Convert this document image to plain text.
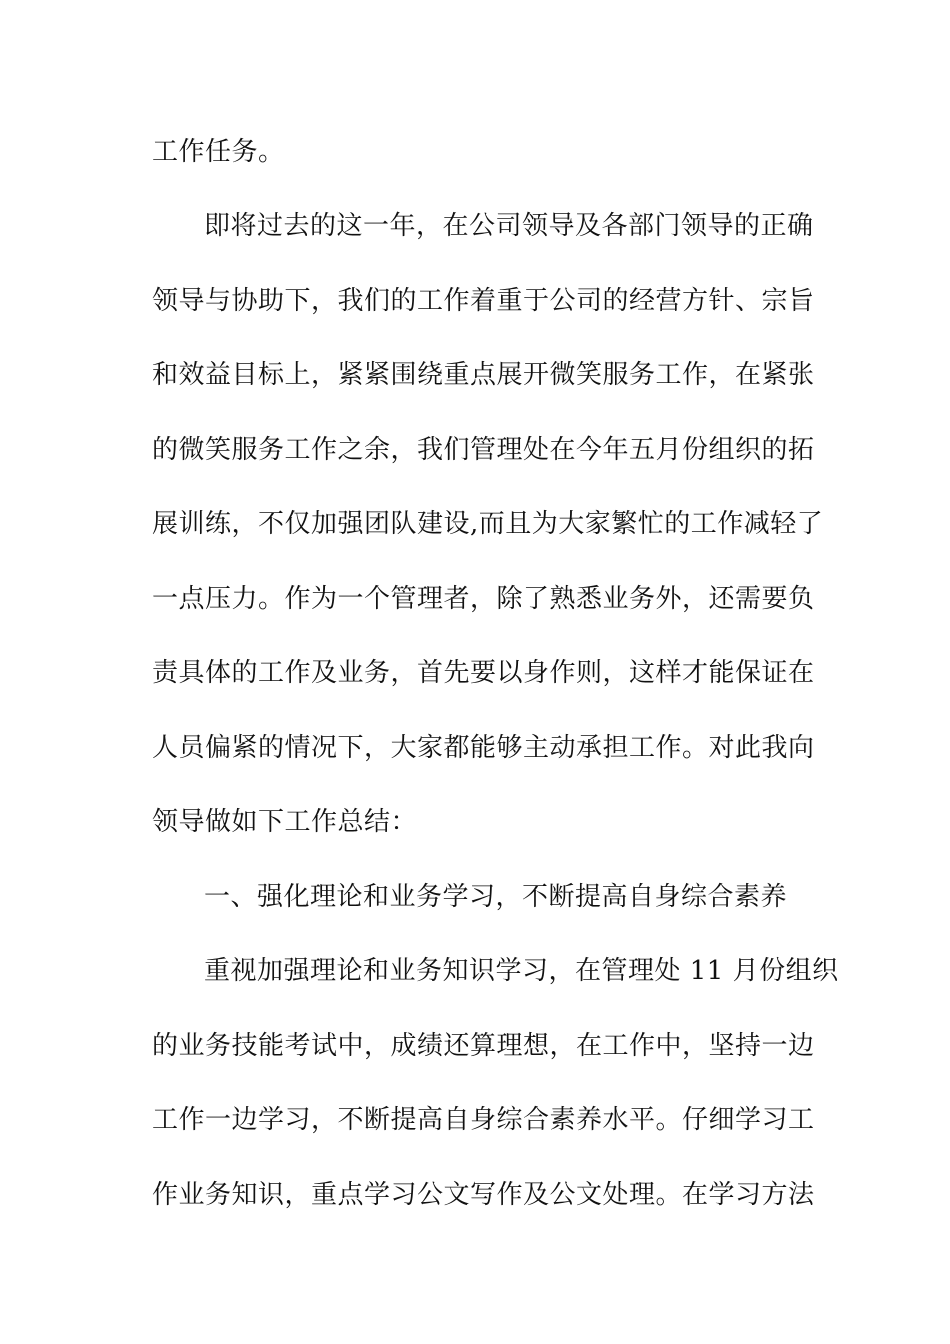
工作任务。
即将过去的这一年，在公司领导及各部门领导的正确
领导与协助下，我们的工作着重于公司的经营方针、宗旨
和效益目标上，紧紧围绕重点展开微笑服务工作，在紧张
的微笑服务工作之余，我们管理处在今年五月份组织的拓
展训练，不仅加强团队建设,而且为大家繁忙的工作减轻了
一点压力。作为一个管理者，除了熟悉业务外，还需要负
责具体的工作及业务，首先要以身作则，这样才能保证在
人员偏紧的情况下，大家都能够主动承担工作。对此我向
领导做如下工作总结：
一、强化理论和业务学习，不断提高自身综合素养
重视加强理论和业务知识学习，在管理处 11 月份组织
的业务技能考试中，成绩还算理想，在工作中，坚持一边
工作一边学习，不断提高自身综合素养水平。仔细学习工
作业务知识，重点学习公文写作及公文处理。在学习方法
